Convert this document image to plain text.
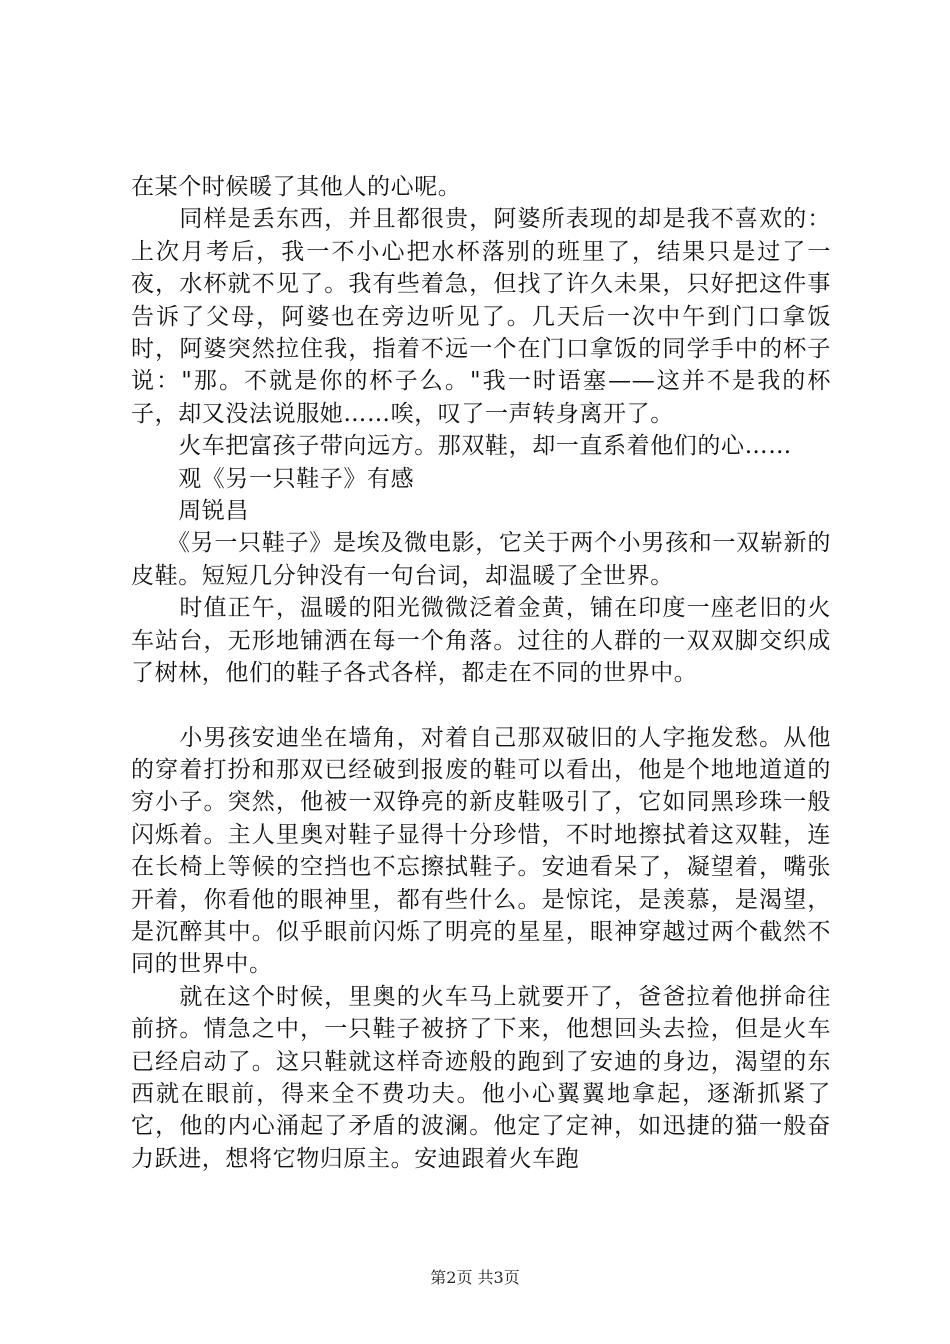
在某个时候暖了其他人的心呢。

　　同样是丢东西，并且都很贵，阿婆所表现的却是我不喜欢的：上次月考后，我一不小心把水杯落别的班里了，结果只是过了一夜，水杯就不见了。我有些着急，但找了许久未果，只好把这件事告诉了父母，阿婆也在旁边听见了。几天后一次中午到门口拿饭时，阿婆突然拉住我，指着不远一个在门口拿饭的同学手中的杯子说："那。不就是你的杯子么。"我一时语塞——这并不是我的杯子，却又没法说服她……唉，叹了一声转身离开了。

　　火车把富孩子带向远方。那双鞋，却一直系着他们的心……

　　观《另一只鞋子》有感

　　周锐昌

　　《另一只鞋子》是埃及微电影，它关于两个小男孩和一双崭新的皮鞋。短短几分钟没有一句台词，却温暖了全世界。

　　时值正午，温暖的阳光微微泛着金黄，铺在印度一座老旧的火车站台，无形地铺洒在每一个角落。过往的人群的一双双脚交织成了树林，他们的鞋子各式各样，都走在不同的世界中。

　　小男孩安迪坐在墙角，对着自己那双破旧的人字拖发愁。从他的穿着打扮和那双已经破到报废的鞋可以看出，他是个地地道道的穷小子。突然，他被一双铮亮的新皮鞋吸引了，它如同黑珍珠一般闪烁着。主人里奥对鞋子显得十分珍惜，不时地擦拭着这双鞋，连在长椅上等候的空挡也不忘擦拭鞋子。安迪看呆了，凝望着，嘴张开着，你看他的眼神里，都有些什么。是惊诧，是羡慕，是渴望，是沉醉其中。似乎眼前闪烁了明亮的星星，眼神穿越过两个截然不同的世界中。

　　就在这个时候，里奥的火车马上就要开了，爸爸拉着他拼命往前挤。情急之中，一只鞋子被挤了下来，他想回头去捡，但是火车已经启动了。这只鞋就这样奇迹般的跑到了安迪的身边，渴望的东西就在眼前，得来全不费功夫。他小心翼翼地拿起，逐渐抓紧了它，他的内心涌起了矛盾的波澜。他定了定神，如迅捷的猫一般奋力跃进，想将它物归原主。安迪跟着火车跑

第2页 共3页
